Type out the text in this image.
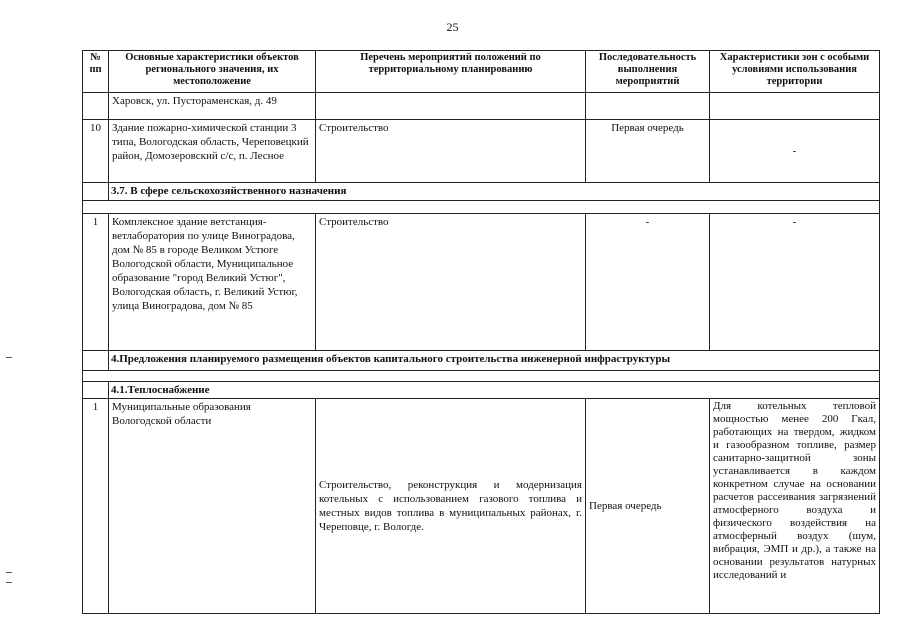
25
№ пп	Основные характеристики объектов регионального значения, их местоположение	Перечень мероприятий положений по территориальному планированию	Последовательность выполнения мероприятий	Характеристики зон с особыми условиями использования территории
	Харовск, ул. Пустораменская, д. 49			
10	Здание пожарно-химической станции 3 типа, Вологодская область, Череповецкий район, Домозеровский с/с, п. Лесное	Строительство	Первая очередь	-
	3.7. В сфере сельскохозяйственного назначения			

1	Комплексное здание ветстанция-ветлаборатория по улице Виноградова, дом № 85 в городе Великом Устюге Вологодской области, Муниципальное образование "город Великий Устюг", Вологодская область, г. Великий Устюг, улица Виноградова, дом № 85	Строительство	-	-
	4.Предложения планируемого размещения объектов капитального строительства инженерной инфраструктуры			

	4.1.Теплоснабжение			
1	Муниципальные образования Вологодской области	Строительство, реконструкция и модернизация котельных с использованием газового топлива и местных видов топлива в муниципальных районах, г. Череповце, г. Вологде.	Первая очередь	Для котельных тепловой мощностью менее 200 Гкал, работающих на твердом, жидком и газообразном топливе, размер санитарно-защитной зоны устанавливается в каждом конкретном случае на основании расчетов рассеивания загрязнений атмосферного воздуха и физического воздействия на атмосферный воздух (шум, вибрация, ЭМП и др.), а также на основании результатов натурных исследований и
